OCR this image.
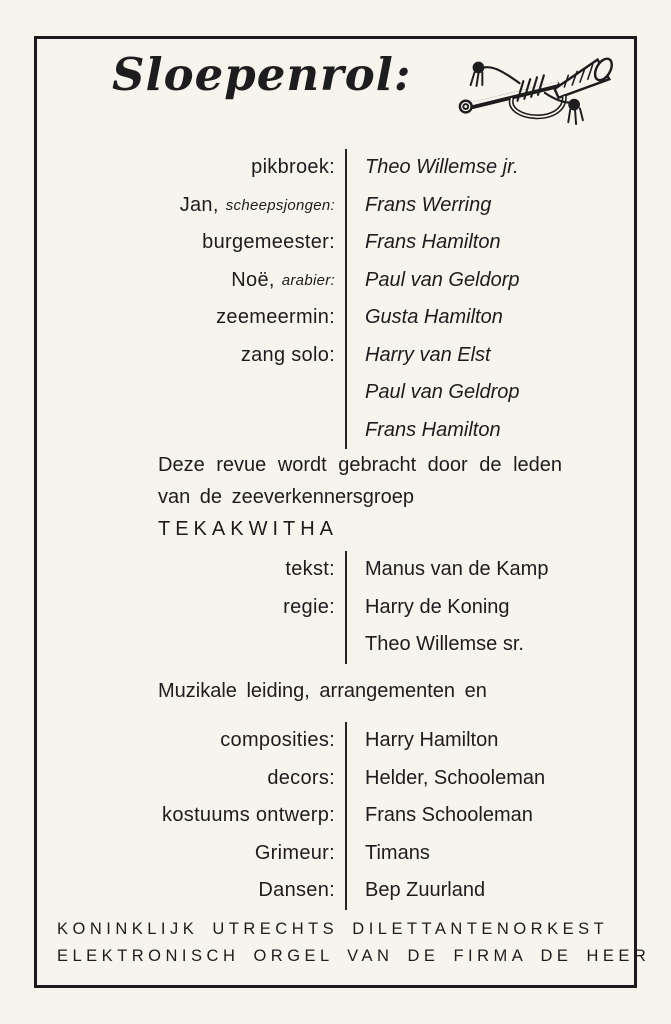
Sloepenrol:
pikbroek: Theo Willemse jr.
Jan, scheepsjongen: Frans Werring
burgemeester: Frans Hamilton
Noë, arabier: Paul van Geldorp
zeemeermin: Gusta Hamilton
zang solo: Harry van Elst
Paul van Geldrop
Frans Hamilton
Deze revue wordt gebracht door de leden
van de zeeverkennersgroep
TEKAKWITHA
tekst: Manus van de Kamp
regie: Harry de Koning
Theo Willemse sr.
Muzikale leiding, arrangementen en
composities: Harry Hamilton
decors: Helder, Schooleman
kostuums ontwerp: Frans Schooleman
Grimeur: Timans
Dansen: Bep Zuurland
KONINKLIJK UTRECHTS DILETTANTENORKEST
ELEKTRONISCH ORGEL VAN DE FIRMA DE HEER
